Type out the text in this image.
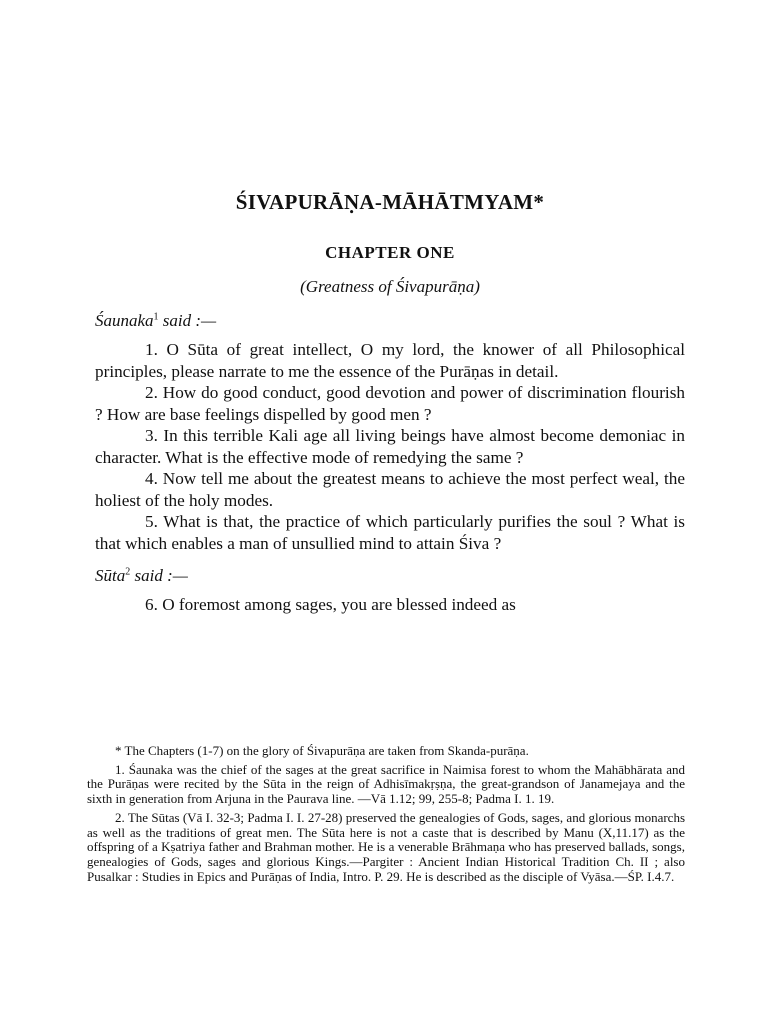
ŚIVAPURĀṆA-MĀHĀTMYAM*
CHAPTER ONE
(Greatness of Śivapurāṇa)
Śaunaka$^1$ said :—

1. O Sūta of great intellect, O my lord, the knower of all Philosophical principles, please narrate to me the essence of the Purāṇas in detail.

2. How do good conduct, good devotion and power of discrimination flourish ? How are base feelings dispelled by good men ?

3. In this terrible Kali age all living beings have almost become demoniac in character. What is the effective mode of remedying the same ?

4. Now tell me about the greatest means to achieve the most perfect weal, the holiest of the holy modes.

5. What is that, the practice of which particularly purifies the soul ? What is that which enables a man of unsullied mind to attain Śiva ?

Sūta$^2$ said :—

6. O foremost among sages, you are blessed indeed as

* The Chapters (1-7) on the glory of Śivapurāṇa are taken from Skanda-purāṇa.

1. Śaunaka was the chief of the sages at the great sacrifice in Naimisa forest to whom the Mahābhārata and the Purāṇas were recited by the Sūta in the reign of Adhisīmakṛṣṇa, the great-grandson of Janamejaya and the sixth in generation from Arjuna in the Paurava line. —Vā 1.12; 99, 255-8; Padma I. 1. 19.

2. The Sūtas (Vā I. 32-3; Padma I. I. 27-28) preserved the genealogies of Gods, sages, and glorious monarchs as well as the traditions of great men. The Sūta here is not a caste that is described by Manu (X,11.17) as the offspring of a Kṣatriya father and Brahman mother. He is a venerable Brāhmaṇa who has preserved ballads, songs, genealogies of Gods, sages and glorious Kings.—Pargiter : Ancient Indian Historical Tradition Ch. II ; also Pusalkar : Studies in Epics and Purāṇas of India, Intro. P. 29. He is described as the disciple of Vyāsa.—ŚP. I.4.7.
